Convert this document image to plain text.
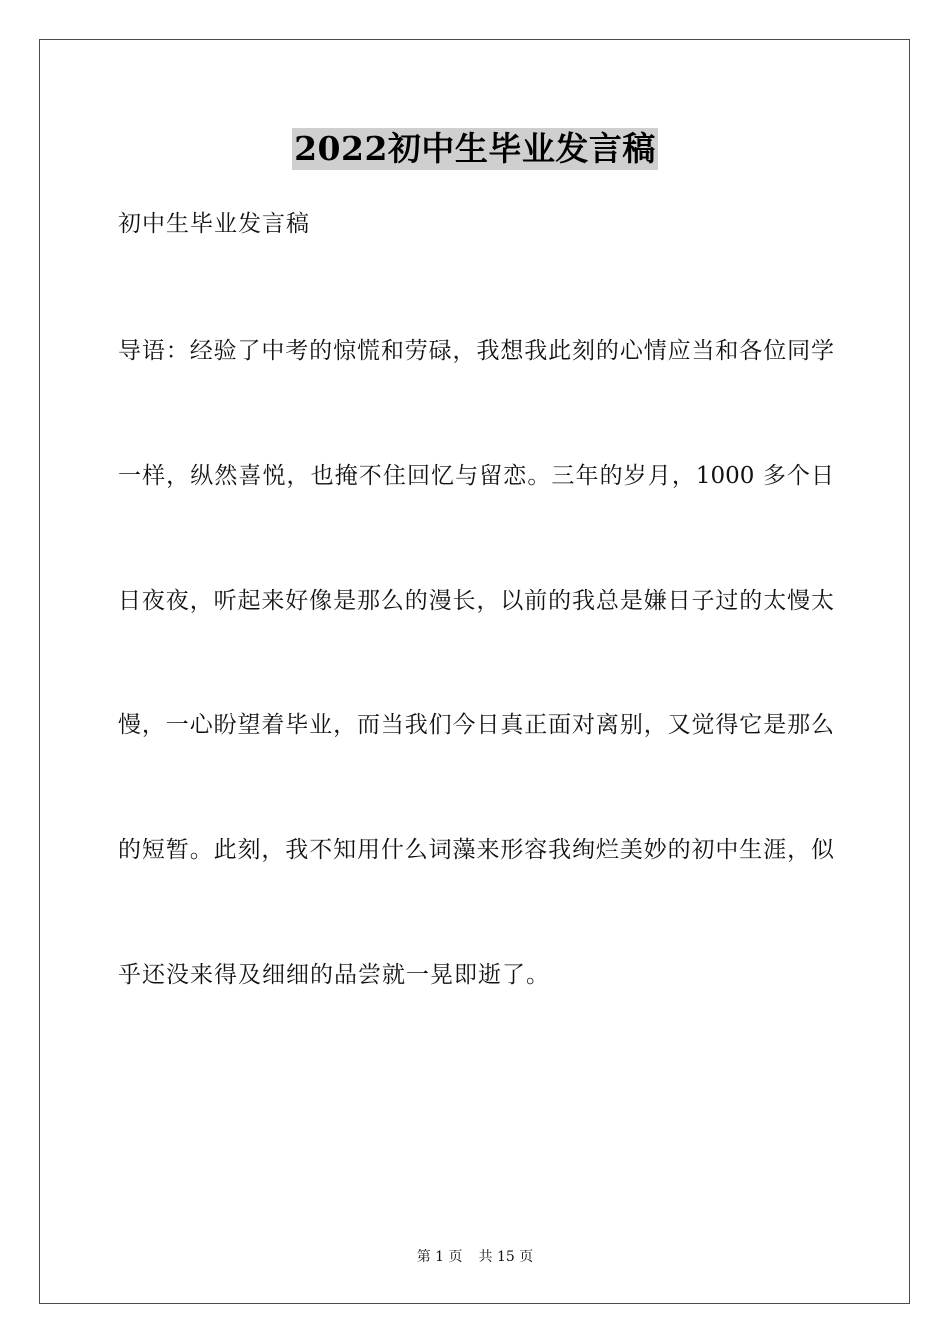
2022初中生毕业发言稿
初中生毕业发言稿
导语：经验了中考的惊慌和劳碌，我想我此刻的心情应当和各位同学
一样，纵然喜悦，也掩不住回忆与留恋。三年的岁月，1000 多个日
日夜夜，听起来好像是那么的漫长，以前的我总是嫌日子过的太慢太
慢，一心盼望着毕业，而当我们今日真正面对离别，又觉得它是那么
的短暂。此刻，我不知用什么词藻来形容我绚烂美妙的初中生涯，似
乎还没来得及细细的品尝就一晃即逝了。
第 1 页 共 15 页
